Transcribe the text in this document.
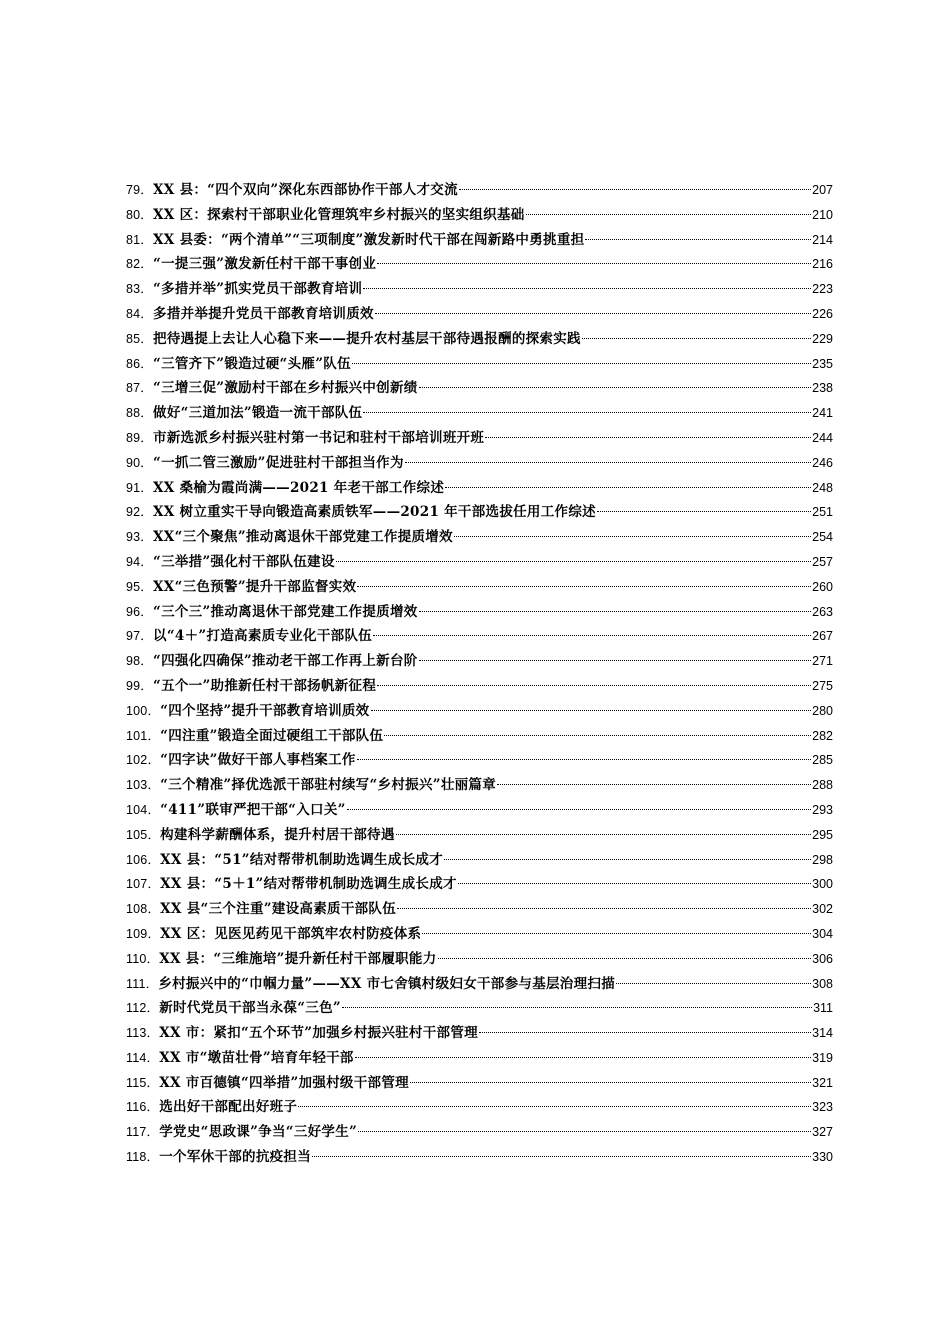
79． XX 县：“四个双向”深化东西部协作干部人才交流	207
80． XX 区：探索村干部职业化管理筑牢乡村振兴的坚实组织基础	210
81． XX 县委：“两个清单”“三项制度”激发新时代干部在闯新路中勇挑重担	214
82． “一提三强”激发新任村干部干事创业	216
83． “多措并举”抓实党员干部教育培训	223
84． 多措并举提升党员干部教育培训质效	226
85． 把待遇提上去让人心稳下来——提升农村基层干部待遇报酬的探索实践	229
86． “三管齐下”锻造过硬“头雁”队伍	235
87． “三增三促”激励村干部在乡村振兴中创新绩	238
88． 做好“三道加法”锻造一流干部队伍	241
89． 市新选派乡村振兴驻村第一书记和驻村干部培训班开班	244
90． “一抓二管三激励”促进驻村干部担当作为	246
91． XX 桑榆为霞尚满——2021 年老干部工作综述	248
92． XX 树立重实干导向锻造高素质铁军——2021 年干部选拔任用工作综述	251
93． XX“三个聚焦”推动离退休干部党建工作提质增效	254
94． “三举措”强化村干部队伍建设	257
95． XX“三色预警”提升干部监督实效	260
96． “三个三”推动离退休干部党建工作提质增效	263
97． 以“4＋”打造高素质专业化干部队伍	267
98． “四强化四确保”推动老干部工作再上新台阶	271
99． “五个一”助推新任村干部扬帆新征程	275
100． “四个坚持”提升干部教育培训质效	280
101． “四注重”锻造全面过硬组工干部队伍	282
102． “四字诀”做好干部人事档案工作	285
103． “三个精准”择优选派干部驻村续写“乡村振兴”壮丽篇章	288
104． “411”联审严把干部“入口关”	293
105． 构建科学薪酬体系，提升村居干部待遇	295
106． XX 县：“51”结对帮带机制助选调生成长成才	298
107． XX 县：“5＋1”结对帮带机制助选调生成长成才	300
108． XX 县“三个注重”建设高素质干部队伍	302
109． XX 区：见医见药见干部筑牢农村防疫体系	304
110． XX 县：“三维施培”提升新任村干部履职能力	306
111． 乡村振兴中的“巾帼力量”——XX 市七舍镇村级妇女干部参与基层治理扫描	308
112． 新时代党员干部当永葆“三色”	311
113． XX 市：紧扣“五个环节”加强乡村振兴驻村干部管理	314
114． XX 市“墩苗壮骨”培育年轻干部	319
115． XX 市百德镇“四举措”加强村级干部管理	321
116． 选出好干部配出好班子	323
117． 学党史“思政课”争当“三好学生”	327
118． 一个军休干部的抗疫担当	330
